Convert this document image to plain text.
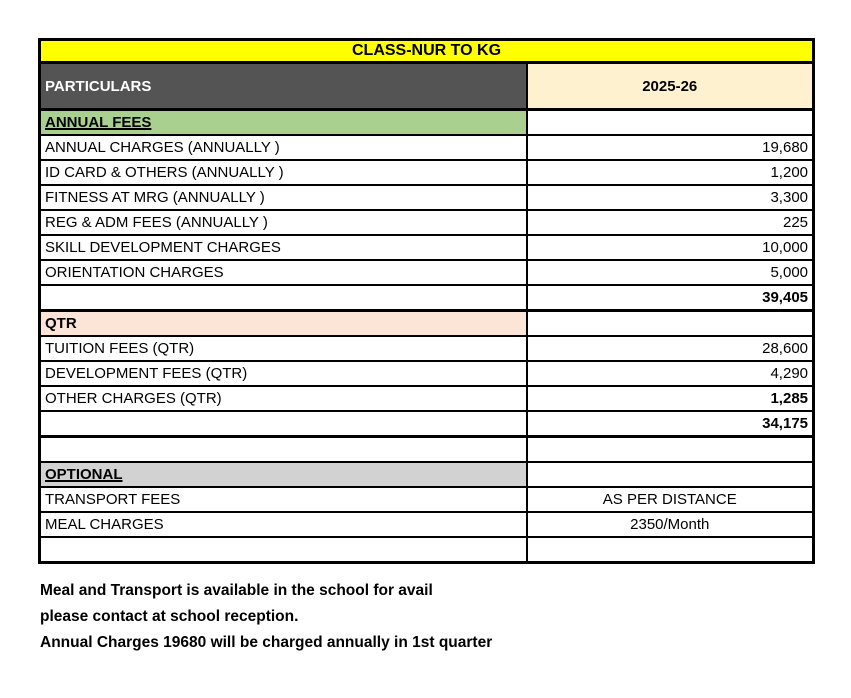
CLASS-NUR TO KG	
PARTICULARS	2025-26
ANNUAL FEES	
ANNUAL CHARGES (ANNUALLY )	19,680
ID CARD & OTHERS (ANNUALLY )	1,200
FITNESS AT MRG (ANNUALLY )	3,300
REG & ADM FEES (ANNUALLY )	225
SKILL DEVELOPMENT CHARGES	10,000
ORIENTATION CHARGES	5,000
	39,405
QTR	
TUITION FEES (QTR)	28,600
DEVELOPMENT FEES (QTR)	4,290
OTHER CHARGES (QTR)	1,285
	34,175

OPTIONAL	
TRANSPORT FEES	AS PER DISTANCE
MEAL CHARGES	2350/Month

Meal and Transport is available in the school for avail
please contact at school reception.
Annual Charges 19680 will be charged annually in 1st quarter
